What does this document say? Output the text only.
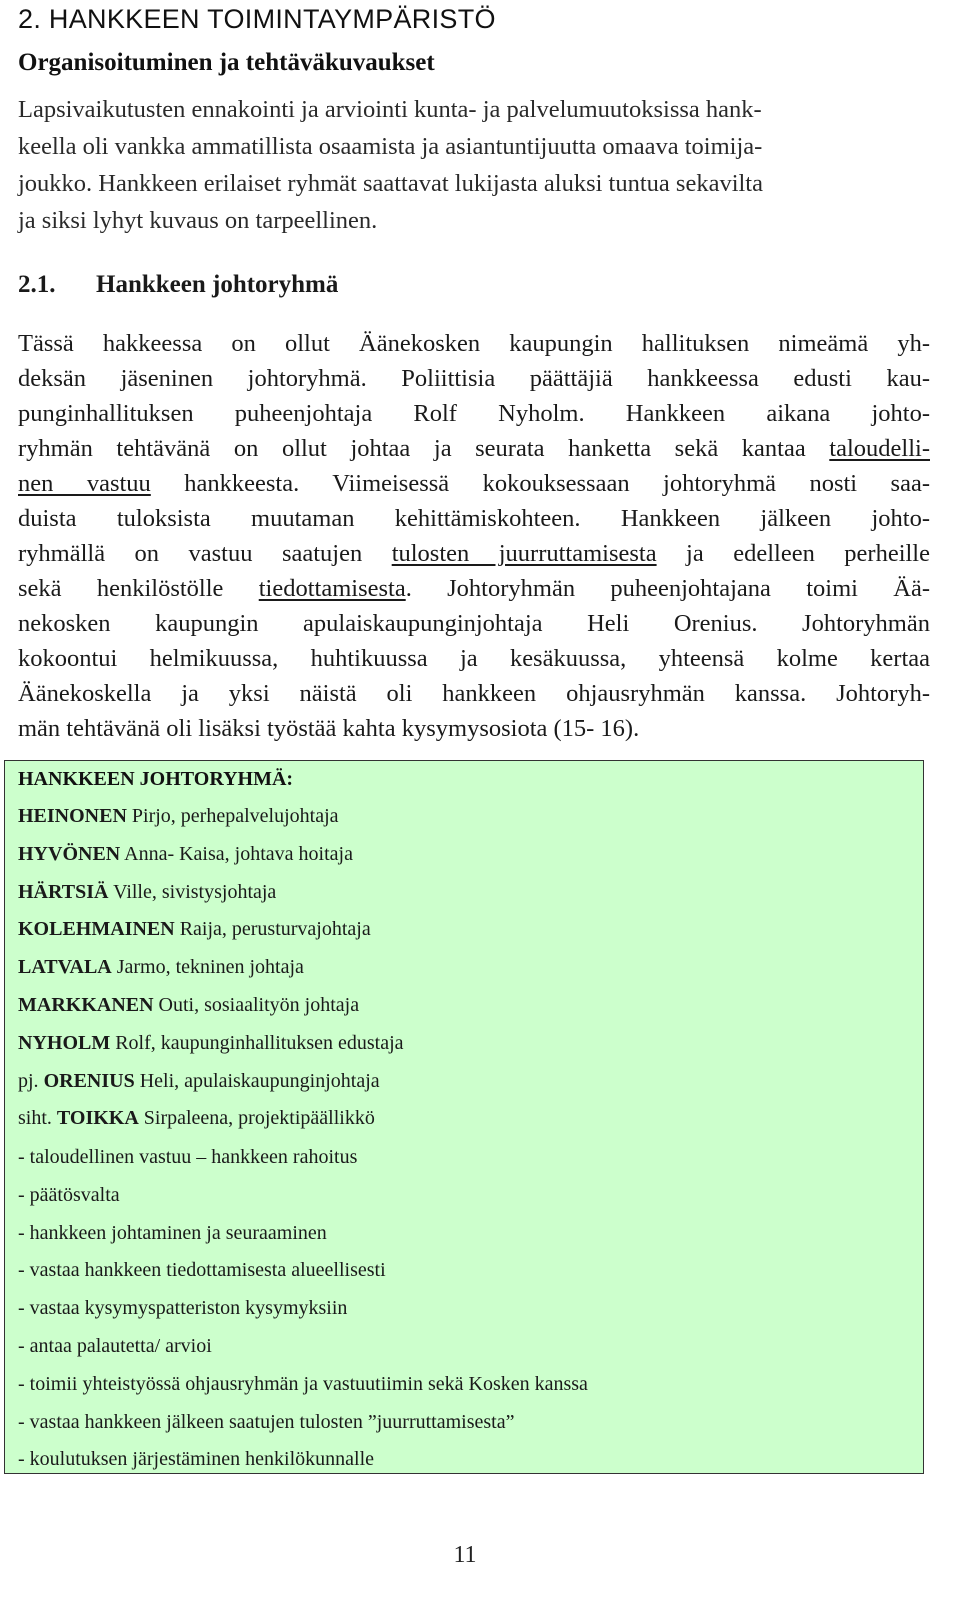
2. HANKKEEN TOIMINTAYMPÄRISTÖ
Organisoituminen ja tehtäväkuvaukset
Lapsivaikutusten ennakointi ja arviointi kunta- ja palvelumuutoksissa hank-
keella oli vankka ammatillista osaamista ja asiantuntijuutta omaava toimija-
joukko. Hankkeen erilaiset ryhmät saattavat lukijasta aluksi tuntua sekavilta
ja siksi lyhyt kuvaus on tarpeellinen.
2.1. Hankkeen johtoryhmä
Tässä hakkeessa on ollut Äänekosken kaupungin hallituksen nimeämä yh-
deksän jäseninen johtoryhmä. Poliittisia päättäjiä hankkeessa edusti kau-
punginhallituksen puheenjohtaja Rolf Nyholm. Hankkeen aikana johto-
ryhmän tehtävänä on ollut johtaa ja seurata hanketta sekä kantaa taloudelli-
nen vastuu hankkeesta. Viimeisessä kokouksessaan johtoryhmä nosti saa-
duista tuloksista muutaman kehittämiskohteen. Hankkeen jälkeen johto-
ryhmällä on vastuu saatujen tulosten juurruttamisesta ja edelleen perheille
sekä henkilöstölle tiedottamisesta. Johtoryhmän puheenjohtajana toimi Ää-
nekosken kaupungin apulaiskaupunginjohtaja Heli Orenius. Johtoryhmän
kokoontui helmikuussa, huhtikuussa ja kesäkuussa, yhteensä kolme kertaa
Äänekoskella ja yksi näistä oli hankkeen ohjausryhmän kanssa. Johtoryh-
män tehtävänä oli lisäksi työstää kahta kysymysosiota (15- 16).
HANKKEEN JOHTORYHMÄ:
HEINONEN Pirjo, perhepalvelujohtaja
HYVÖNEN Anna- Kaisa, johtava hoitaja
HÄRTSIÄ Ville, sivistysjohtaja
KOLEHMAINEN Raija, perusturvajohtaja
LATVALA Jarmo, tekninen johtaja
MARKKANEN Outi, sosiaalityön johtaja
NYHOLM Rolf, kaupunginhallituksen edustaja
pj. ORENIUS Heli, apulaiskaupunginjohtaja
siht. TOIKKA Sirpaleena, projektipäällikkö
- taloudellinen vastuu – hankkeen rahoitus
- päätösvalta
- hankkeen johtaminen ja seuraaminen
- vastaa hankkeen tiedottamisesta alueellisesti
- vastaa kysymyspatteriston kysymyksiin
- antaa palautetta/ arvioi
- toimii yhteistyössä ohjausryhmän ja vastuutiimin sekä Kosken kanssa
- vastaa hankkeen jälkeen saatujen tulosten ”juurruttamisesta”
- koulutuksen järjestäminen henkilökunnalle
11
